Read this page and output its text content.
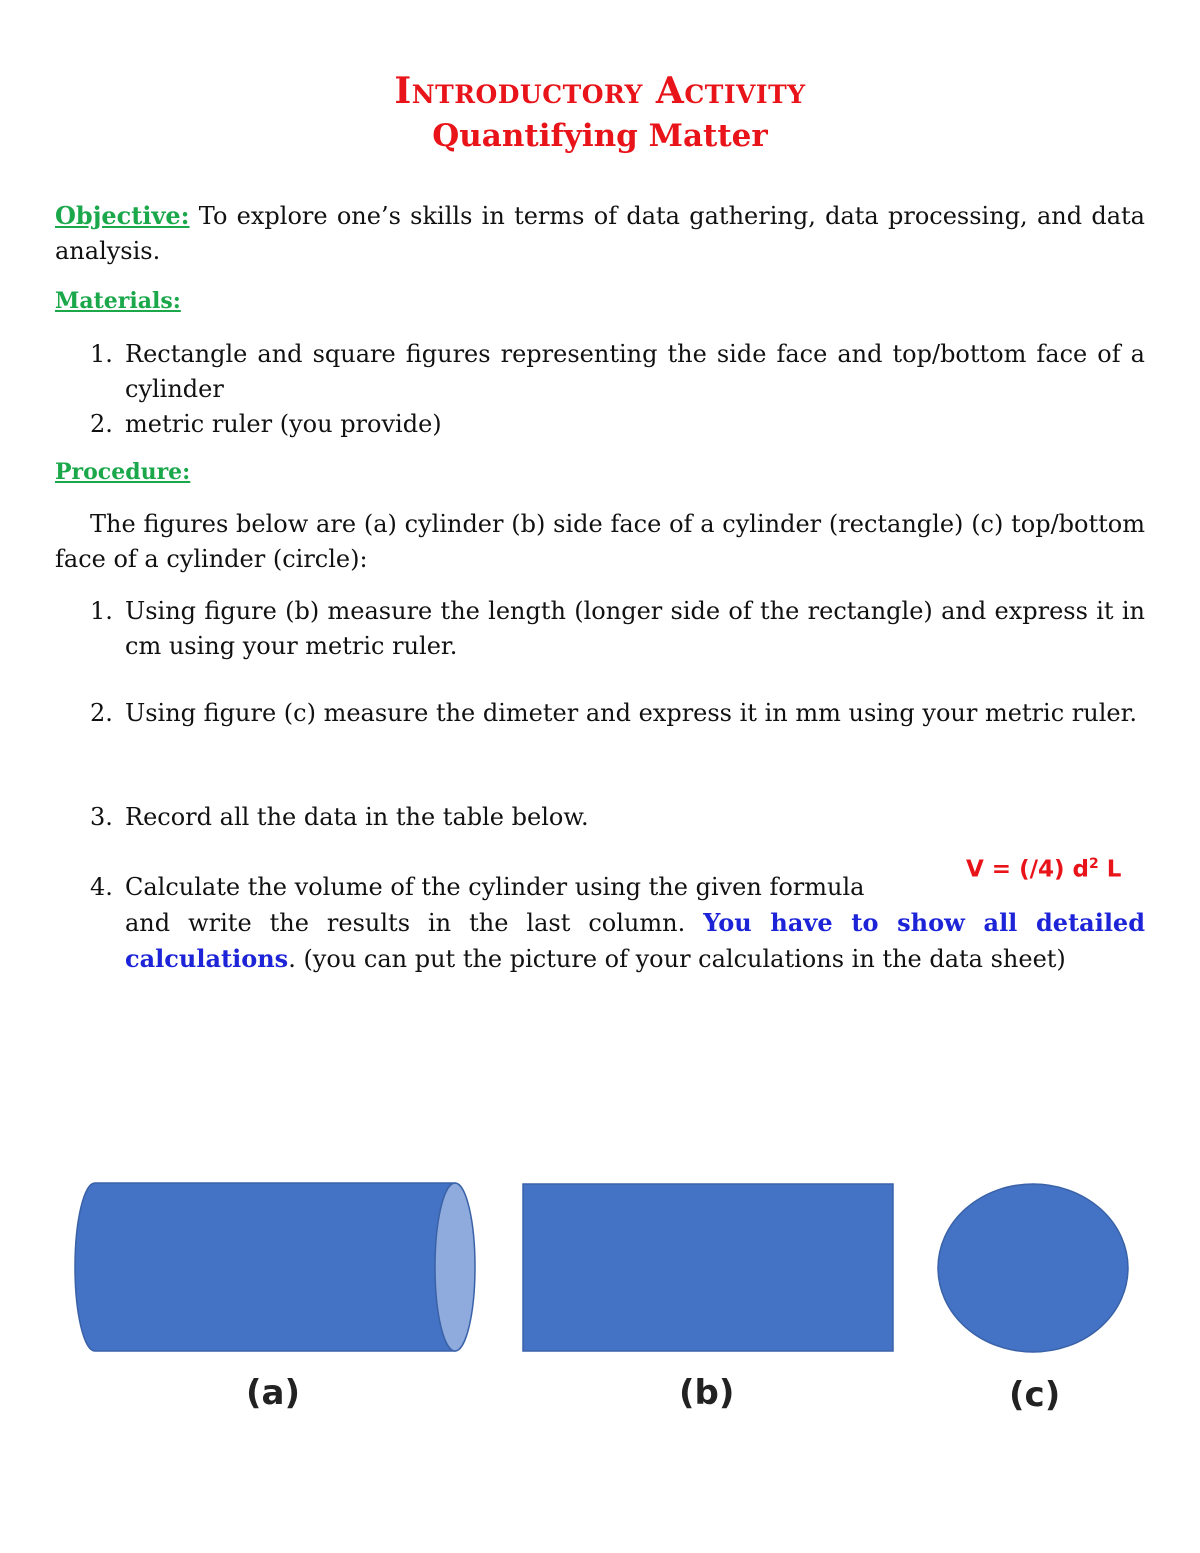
Introductory Activity
Quantifying Matter
Objective: To explore one’s skills in terms of data gathering, data processing, and data analysis.
Materials:
1. Rectangle and square figures representing the side face and top/bottom face of a cylinder
2. metric ruler (you provide)
Procedure:
The figures below are (a) cylinder (b) side face of a cylinder (rectangle) (c) top/bottom face of a cylinder (circle):
1. Using figure (b) measure the length (longer side of the rectangle) and express it in cm using your metric ruler.
2. Using figure (c) measure the dimeter and express it in mm using your metric ruler.
3. Record all the data in the table below.
4. Calculate the volume of the cylinder using the given formula
and write the results in the last column. You have to show all detailed calculations. (you can put the picture of your calculations in the data sheet)
V = (/4) $d^2$ L
(a)	(b)	(c)
